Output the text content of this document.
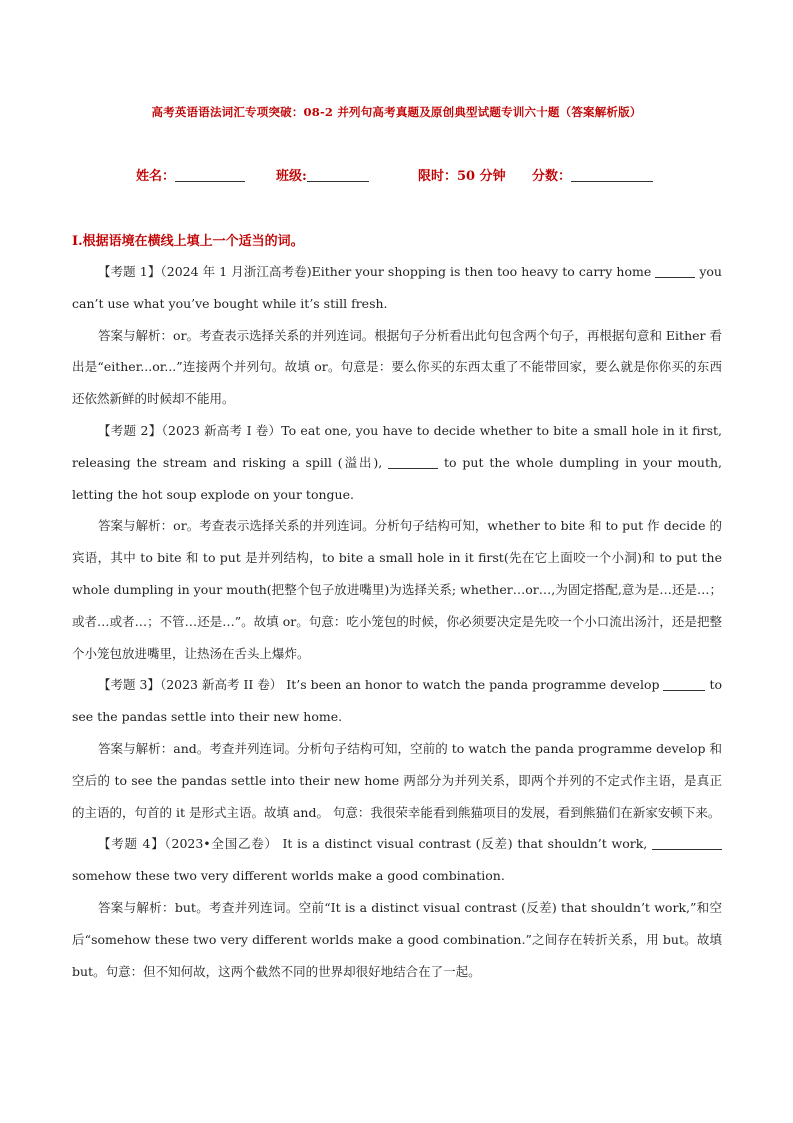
高考英语语法词汇专项突破：08-2 并列句高考真题及原创典型试题专训六十题（答案解析版）
姓名：	班级:	限时：50 分钟 分数：
I.根据语境在横线上填上一个适当的词。

【考题 1】（2024 年 1 月浙江高考卷)Either your shopping is then too heavy to carry home	you can’t use what you’ve bought while it’s still fresh.

答案与解析：or。考查表示选择关系的并列连词。根据句子分析看出此句包含两个句子，再根据句意和 Either 看出是“either...or...”连接两个并列句。故填 or。句意是：要么你买的东西太重了不能带回家，要么就是你你买的东西还依然新鲜的时候却不能用。

【考题 2】（2023 新高考 I 卷）To eat one, you have to decide whether to bite a small hole in it first, releasing the stream and risking a spill (溢出),	to put the whole dumpling in your mouth, letting the hot soup explode on your tongue.

答案与解析：or。考查表示选择关系的并列连词。分析句子结构可知，whether to bite 和 to put 作 decide 的宾语，其中 to bite 和 to put 是并列结构，to bite a small hole in it first(先在它上面咬一个小洞)和 to put the whole dumpling in your mouth(把整个包子放进嘴里)为选择关系; whether…or…,为固定搭配,意为是…还是…；或者…或者…；不管…还是…”。故填 or。句意：吃小笼包的时候，你必须要决定是先咬一个小口流出汤汁，还是把整个小笼包放进嘴里，让热汤在舌头上爆炸。

【考题 3】（2023 新高考 II 卷） It’s been an honor to watch the panda programme develop	to see the pandas settle into their new home.

答案与解析：and。考查并列连词。分析句子结构可知，空前的 to watch the panda programme develop 和空后的 to see the pandas settle into their new home 两部分为并列关系，即两个并列的不定式作主语，是真正的主语的，句首的 it 是形式主语。故填 and。 句意：我很荣幸能看到熊猫项目的发展，看到熊猫们在新家安顿下来。

【考题 4】（2023•全国乙卷） It is a distinct visual contrast (反差) that shouldn’t work,  somehow these two very different worlds make a good combination.

答案与解析：but。考查并列连词。空前“It is a distinct visual contrast (反差) that shouldn’t work,”和空后“somehow these two very different worlds make a good combination.”之间存在转折关系，用 but。故填 but。句意：但不知何故，这两个截然不同的世界却很好地结合在了一起。
